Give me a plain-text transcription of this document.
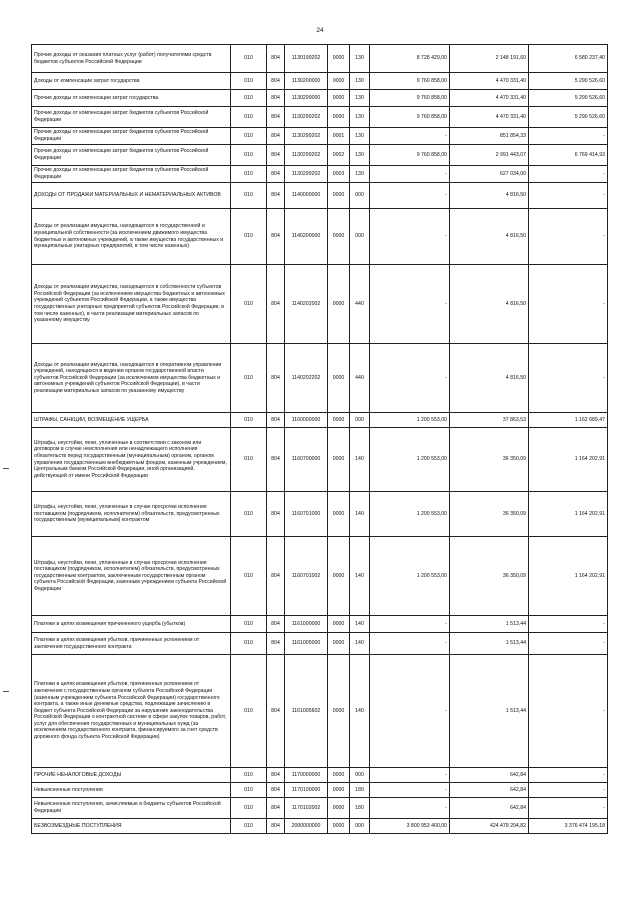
24
Прочие доходы от оказания платных услуг (работ) получателями средств бюджетов субъектов Российской Федерации	010	804	1130199202	0000	130	8 728 429,00	2 148 191,60	6 580 237,40
Доходы от компенсации затрат государства	010	804	1130200000	0000	130	9 760 858,00	4 470 331,40	5 290 526,60
Прочие доходы от компенсации затрат государства	010	804	1130299000	0000	130	9 760 858,00	4 470 331,40	5 290 526,60
Прочие доходы от компенсации затрат бюджетов субъектов Российской Федерации	010	804	1130299202	0000	130	9 760 858,00	4 470 331,40	5 290 526,60
Прочие доходы от компенсации затрат бюджетов субъектов Российской Федерации	010	804	1130299202	0001	130	-	851 854,33	-
Прочие доходы от компенсации затрат бюджетов субъектов Российской Федерации	010	804	1130299202	0002	130	9 760 858,00	2 991 443,07	6 769 414,93
Прочие доходы от компенсации затрат бюджетов субъектов Российской Федерации	010	804	1130299202	0003	130	-	627 034,00	-
ДОХОДЫ ОТ ПРОДАЖИ МАТЕРИАЛЬНЫХ И НЕМАТЕРИАЛЬНЫХ АКТИВОВ	010	804	1140000000	0000	000	-	4 816,50	-
Доходы от реализации имущества, находящегося в государственной и муниципальной собственности (за исключением движимого имущества бюджетных и автономных учреждений, а также имущества государственных и муниципальных унитарных предприятий, в том числе казенных)	010	804	1140200000	0000	000	-	4 816,50	-
Доходы от реализации имущества, находящегося в собственности субъектов Российской Федерации (за исключением имущества бюджетных и автономных учреждений субъектов Российской Федерации, а также имущества государственных унитарных предприятий субъектов Российской Федерации, в том числе казенных), в части реализации материальных запасов по указанному имуществу	010	804	1140202002	0000	440	-	4 816,50	-
Доходы от реализации имущества, находящегося в оперативном управлении учреждений, находящихся в ведении органов государственной власти субъектов Российской Федерации (за исключением имущества бюджетных и автономных учреждений субъектов Российской Федерации), в части реализации материальных запасов по указанному имуществу	010	804	1140202202	0000	440	-	4 816,50	-
ШТРАФЫ, САНКЦИИ, ВОЗМЕЩЕНИЕ УЩЕРБА	010	804	1160000000	0000	000	1 200 553,00	37 863,53	1 162 689,47
Штрафы, неустойки, пени, уплаченные в соответствии с законом или договором в случае неисполнения или ненадлежащего исполнения обязательств перед государственным (муниципальным) органом, органом управления государственным внебюджетным фондом, казенным учреждением, Центральным банком Российской Федерации, иной организацией, действующей от имени Российской Федерации	010	804	1160700000	0000	140	1 200 553,00	36 350,09	1 164 202,91
Штрафы, неустойки, пени, уплаченные в случае просрочки исполнения поставщиком (подрядчиком, исполнителем) обязательств, предусмотренных государственным (муниципальным) контрактом	010	804	1160701000	0000	140	1 200 553,00	36 350,09	1 164 202,91
Штрафы, неустойки, пени, уплаченные в случае просрочки исполнения поставщиком (подрядчиком, исполнителем) обязательств, предусмотренных государственным контрактом, заключенным государственным органом субъекта Российской Федерации, казенным учреждением субъекта Российской Федерации	010	804	1160701002	0000	140	1 200 553,00	36 350,09	1 164 202,91
Платежи в целях возмещения причиненного ущерба (убытков)	010	804	1161000000	0000	140	-	1 513,44	-
Платежи в целях возмещения убытков, причиненных уклонением от заключения государственного контракта	010	804	1161005000	0000	140	-	1 513,44	-
Платежи в целях возмещения убытков, причиненных уклонением от заключения с государственным органом субъекта Российской Федерации (казенным учреждением субъекта Российской Федерации) государственного контракта, а также иные денежные средства, подлежащие зачислению в бюджет субъекта Российской Федерации за нарушение законодательства Российской Федерации о контрактной системе в сфере закупок товаров, работ, услуг для обеспечения государственных и муниципальных нужд (за исключением государственного контракта, финансируемого за счет средств дорожного фонда субъекта Российской Федерации)	010	804	1161005602	0000	140	-	1 513,44	-
ПРОЧИЕ НЕНАЛОГОВЫЕ ДОХОДЫ	010	804	1170000000	0000	000	-	642,84	-
Невыясненные поступления	010	804	1170100000	0000	180	-	642,84	-
Невыясненные поступления, зачисляемые в бюджеты субъектов Российской Федерации	010	804	1170102002	0000	180	-	642,84	-
БЕЗВОЗМЕЗДНЫЕ ПОСТУПЛЕНИЯ	010	804	2000000000	0000	000	3 800 953 400,00	424 479 204,82	3 376 474 195,18
